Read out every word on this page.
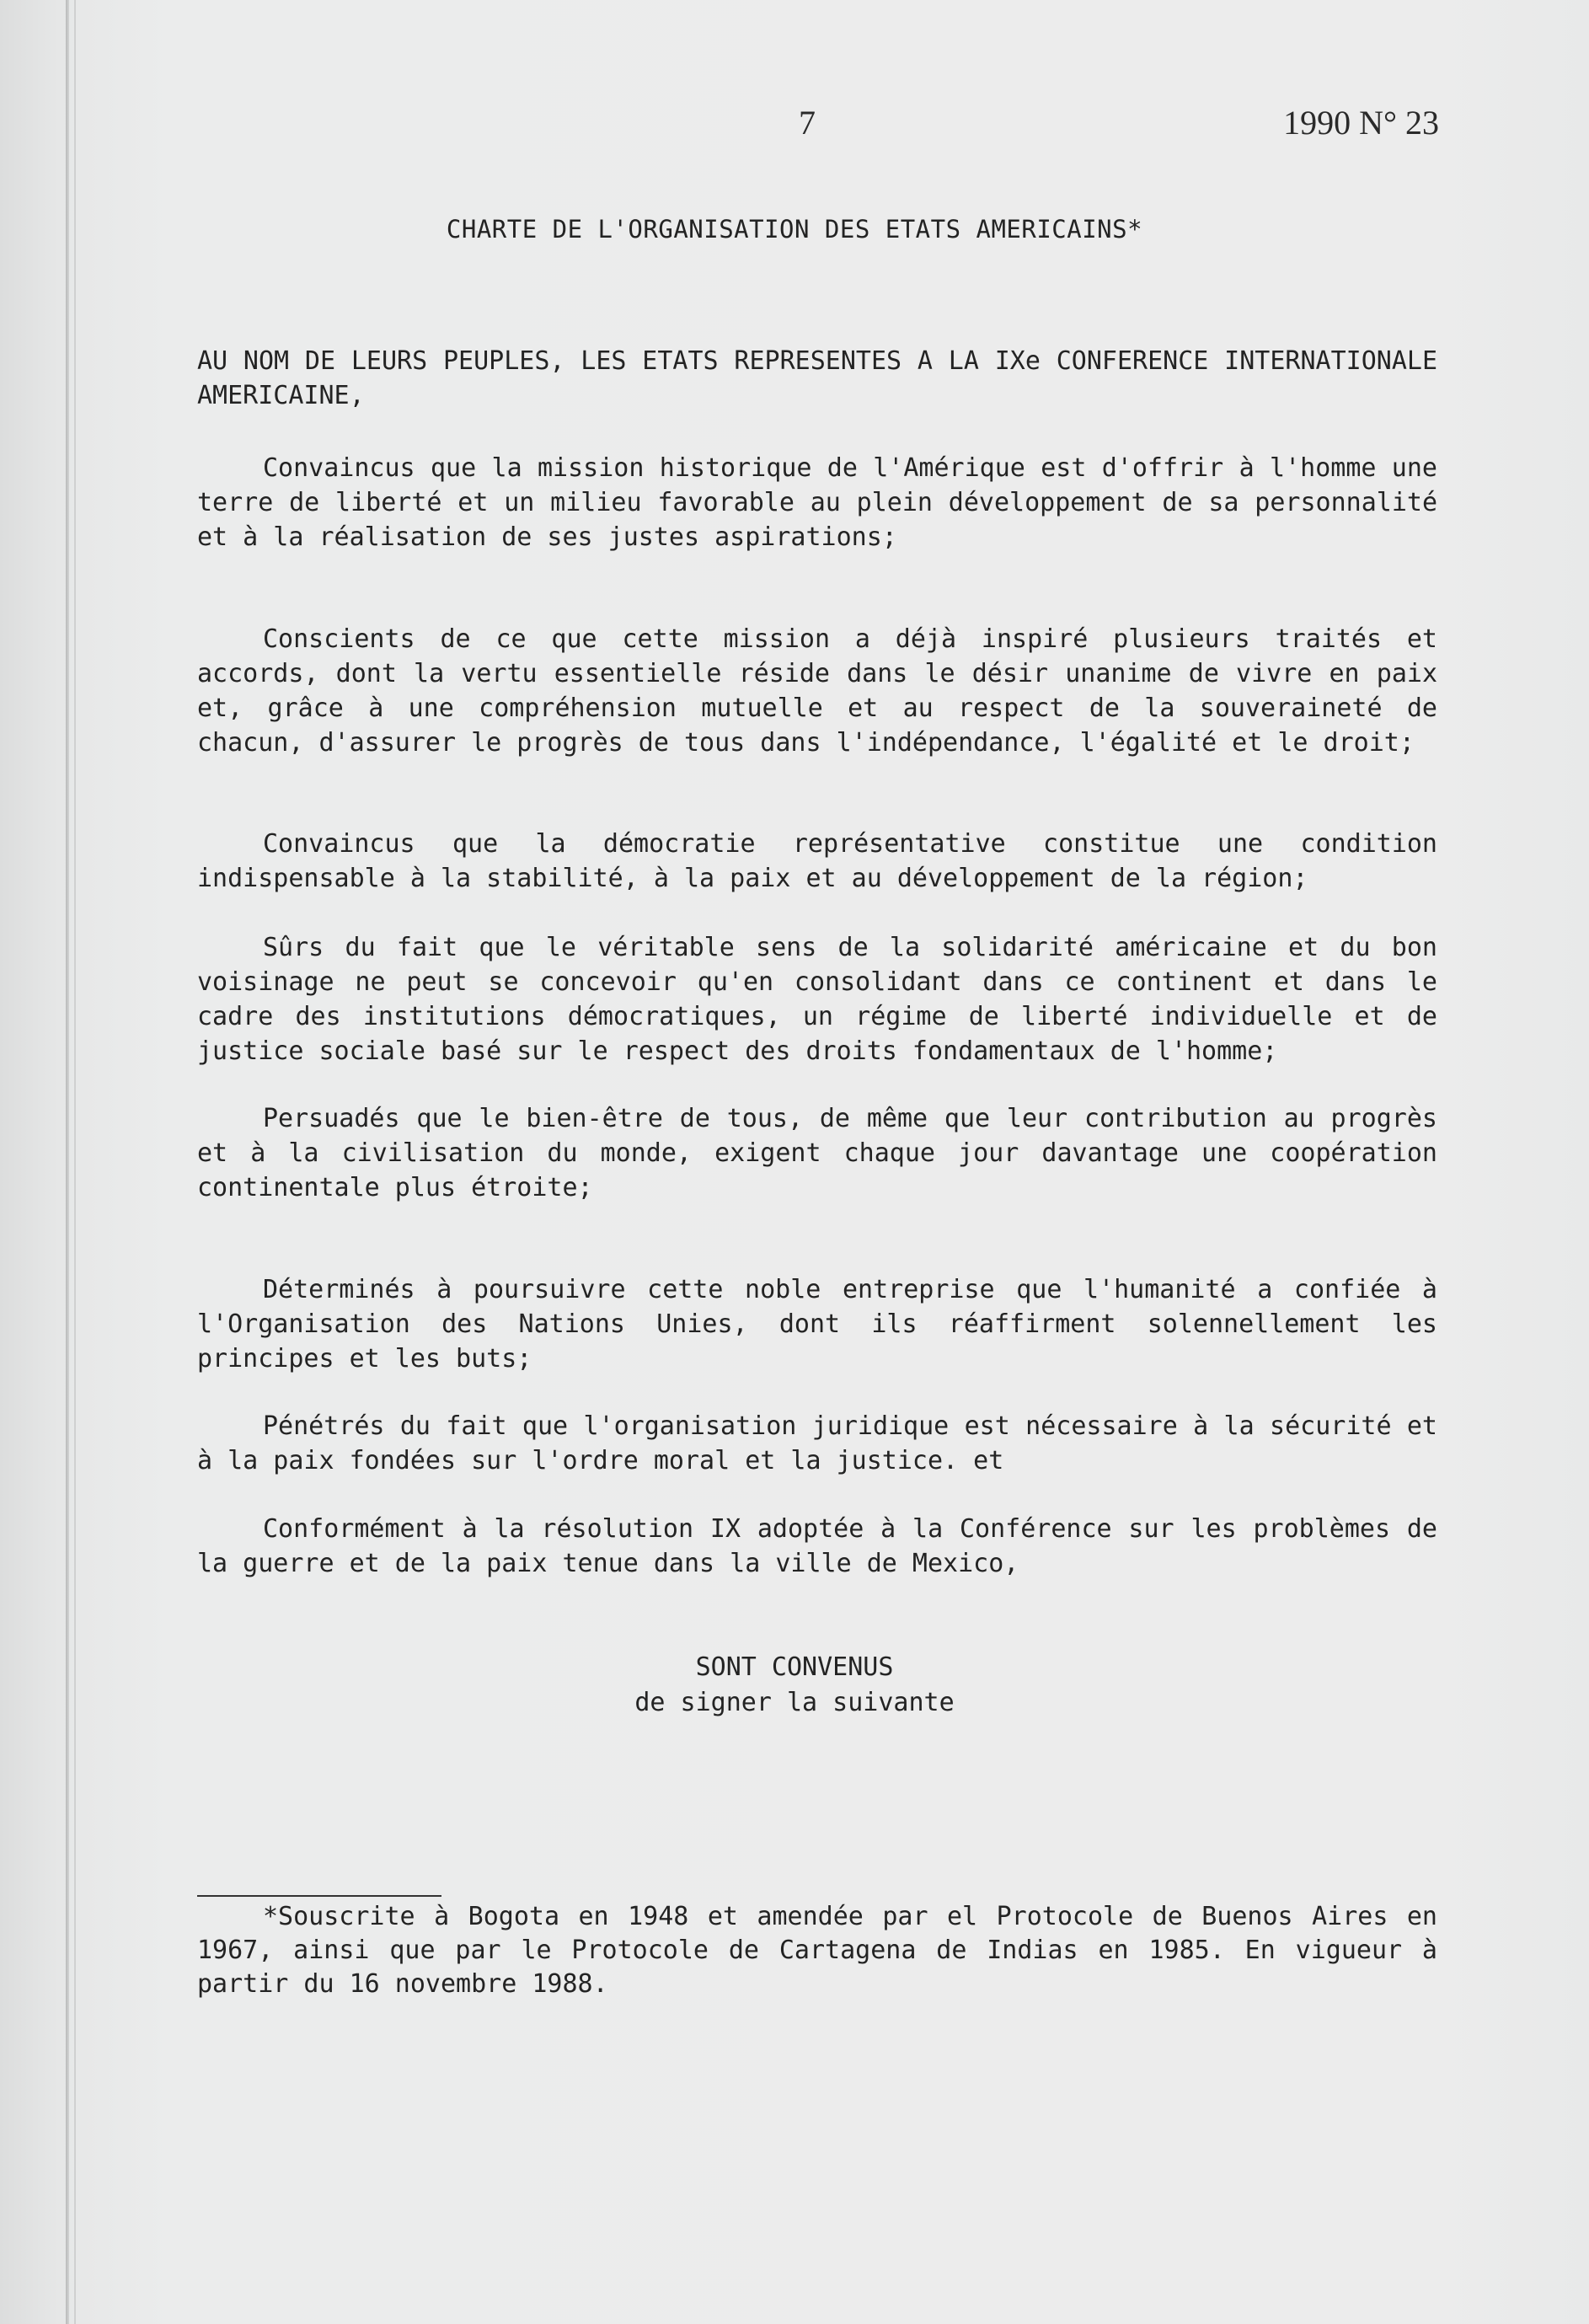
7	1990 N° 23
CHARTE DE L'ORGANISATION DES ETATS AMERICAINS*
AU NOM DE LEURS PEUPLES, LES ETATS REPRESENTES A LA IXe CONFERENCE INTERNATIONALE AMERICAINE,
Convaincus que la mission historique de l'Amérique est d'offrir à l'homme une terre de liberté et un milieu favorable au plein développement de sa personnalité et à la réalisation de ses justes aspirations;
Conscients de ce que cette mission a déjà inspiré plusieurs traités et accords, dont la vertu essentielle réside dans le désir unanime de vivre en paix et, grâce à une compréhension mutuelle et au respect de la souveraineté de chacun, d'assurer le progrès de tous dans l'indépendance, l'égalité et le droit;
Convaincus que la démocratie représentative constitue une condition indispensable à la stabilité, à la paix et au développement de la région;
Sûrs du fait que le véritable sens de la solidarité américaine et du bon voisinage ne peut se concevoir qu'en consolidant dans ce continent et dans le cadre des institutions démocratiques, un régime de liberté individuelle et de justice sociale basé sur le respect des droits fondamentaux de l'homme;
Persuadés que le bien-être de tous, de même que leur contribution au progrès et à la civilisation du monde, exigent chaque jour davantage une coopération continentale plus étroite;
Déterminés à poursuivre cette noble entreprise que l'humanité a confiée à l'Organisation des Nations Unies, dont ils réaffirment solennellement les principes et les buts;
Pénétrés du fait que l'organisation juridique est nécessaire à la sécurité et à la paix fondées sur l'ordre moral et la justice. et
Conformément à la résolution IX adoptée à la Conférence sur les problèmes de la guerre et de la paix tenue dans la ville de Mexico,
SONT CONVENUS
de signer la suivante
*Souscrite à Bogota en 1948 et amendée par el Protocole de Buenos Aires en 1967, ainsi que par le Protocole de Cartagena de Indias en 1985. En vigueur à partir du 16 novembre 1988.
